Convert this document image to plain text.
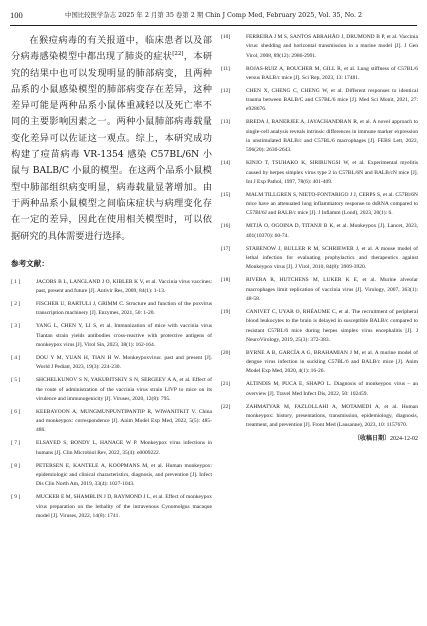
100	中国比较医学杂志 2025 年 2 月第 35 卷第 2 期 Chin J Comp Med, February 2025, Vol. 35, No. 2

在猴痘病毒的有关报道中，临床患者以及部分病毒感染模型中都出现了肺炎的症状[22]，本研究的结果中也可以发现明显的肺部病变，且两种品系的小鼠感染模型的肺部病变存在差异，这种差异可能是两种品系小鼠体重减轻以及死亡率不同的主要影响因素之一。两种小鼠肺部病毒载量变化差异可以佐证这一观点。综上，本研究成功构建了痘苗病毒 VR-1354 感染 C57BL/6N 小鼠与 BALB/C 小鼠的模型。在这两个品系小鼠模型中肺部组织病变明显，病毒载量显著增加。由于两种品系小鼠模型之间临床症状与病理变化存在一定的差异，因此在使用相关模型时，可以依据研究的具体需要进行选择。

参考文献：
[ 1 ]	JACOBS B L, LANGLAND J O, KIBLER K V, et al. Vaccinia virus vaccines: past, present and future [J]. Antivir Res, 2009, 84(1): 1-13.
[ 2 ]	FISCHER U, BARTULI J, GRIMM C. Structure and function of the poxvirus transcription machinery [J]. Enzymes, 2021, 50: 1-20.
[ 3 ]	YANG L, CHEN Y, LI S, et al. Immunization of mice with vaccinia virus Tiantan strain yields antibodies cross-reactive with protective antigens of monkeypox virus [J]. Virol Sin, 2023, 38(1): 162-164.
[ 4 ]	DOU Y M, YUAN H, TIAN H W. Monkeypoxvirus: past and present [J]. World J Pediatr, 2023, 19(3): 224-230.
[ 5 ]	SHCHELKUNOV S N, YAKUBITSKIY S N, SERGEEV A A, et al. Effect of the route of administration of the vaccinia virus strain LIVP to mice on its virulence and immunogenicity [J]. Viruses, 2020, 12(8): 795.
[ 6 ]	KEEBAYOON A, MUNGMUNPUNTIPANTIP R, WIWANITKIT V. China and monkeypox: correspondence [J]. Anim Model Exp Med, 2022, 5(5): 485-486.
[ 7 ]	ELSAYED S, BONDY L, HANAGE W P. Monkeypox virus infections in humans [J]. Clin Microbiol Rev, 2022, 35(4): e0009222.
[ 8 ]	PETERSEN E, KANTELE A, KOOPMANS M, et al. Human monkeypox: epidemiologic and clinical characteristics, diagnosis, and prevention [J]. Infect Dis Clin North Am, 2019, 33(4): 1027-1043.
[ 9 ]	MUCKER E M, SHAMBLIN J D, RAYMOND J L, et al. Effect of monkeypox virus preparation on the lethality of the intravenous Cynomolgus macaque model [J]. Viruses, 2022, 14(8): 1741.
[10]	FERREIRA J M S, SANTOS ABRAHÃO J, DRUMOND B P, et al. Vaccinia virus: shedding and horizontal transmission in a murine model [J]. J Gen Virol, 2008, 89(12): 2986-2991.
[11]	ROJAS-RUIZ A, BOUCHER M, GILL R, et al. Lung stiffness of C57BL/6 versus BALB/c mice [J]. Sci Rep, 2023, 13: 17481.
[12]	CHEN X, CHENG C, CHENG W, et al. Different responses to identical trauma between BALB/C and C57BL/6 mice [J]. Med Sci Monit, 2021, 27: e928676.
[13]	BREDA J, BANERJEE A, JAYACHANDRAN R, et al. A novel approach to single-cell analysis reveals intrinsic differences in immune marker expression in unstimulated BALB/c and C57BL/6 macrophages [J]. FEBS Lett, 2022, 596(20): 2630-2643.
[14]	KINJO T, TSUHAKO K, SIRIRUNGSI W, et al. Experimental myelitis caused by herpes simplex virus type 2 in C57BL/6N and BALB/cN mice [J]. Int J Exp Pathol, 1997, 78(6): 401-409.
[15]	MALM TILLGREN S, NIETO-FONTARIGO J J, CERPS S, et al. C57Bl/6N mice have an attenuated lung inflammatory response to dsRNA compared to C57Bl/6J and BALB/c mice [J]. J Inflamm (Lond), 2023, 20(1): 6.
[16]	MITJÀ O, OGOINA D, TITANJI B K, et al. Monkeypox [J]. Lancet, 2023, 401(10370): 60-74.
[17]	STABENOW J, BULLER R M, SCHRIEWER J, et al. A mouse model of lethal infection for evaluating prophylactics and therapeutics against Monkeypox virus [J]. J Virol, 2010, 84(8): 3909-3920.
[18]	RIVERA R, HUTCHENS M, LUKER K E, et al. Murine alveolar macrophages limit replication of vaccinia virus [J]. Virology, 2007, 363(1): 48-58.
[19]	CANIVET C, UYAR O, RHÉAUME C, et al. The recruitment of peripheral blood leukocytes to the brain is delayed in susceptible BALB/c compared to resistant C57BL/6 mice during herpes simplex virus encephalitis [J]. J NeuroVirology, 2019, 25(3): 372-383.
[20]	BYRNE A B, GARCÍA A G, BRAHAMIAN J M, et al. A murine model of dengue virus infection in suckling C57BL/6 and BALB/c mice [J]. Anim Model Exp Med, 2020, 4(1): 16-26.
[21]	ALTINDIS M, PUCA E, SHAPO L. Diagnosis of monkeypox virus – an overview [J]. Travel Med Infect Dis, 2022, 50: 102459.
[22]	ZAHMATYAR M, FAZLOLLAHI A, MOTAMEDI A, et al. Human monkeypox: history, presentations, transmission, epidemiology, diagnosis, treatment, and prevention [J]. Front Med (Lausanne), 2023, 10: 1157670.
〔收稿日期〕2024-12-02
